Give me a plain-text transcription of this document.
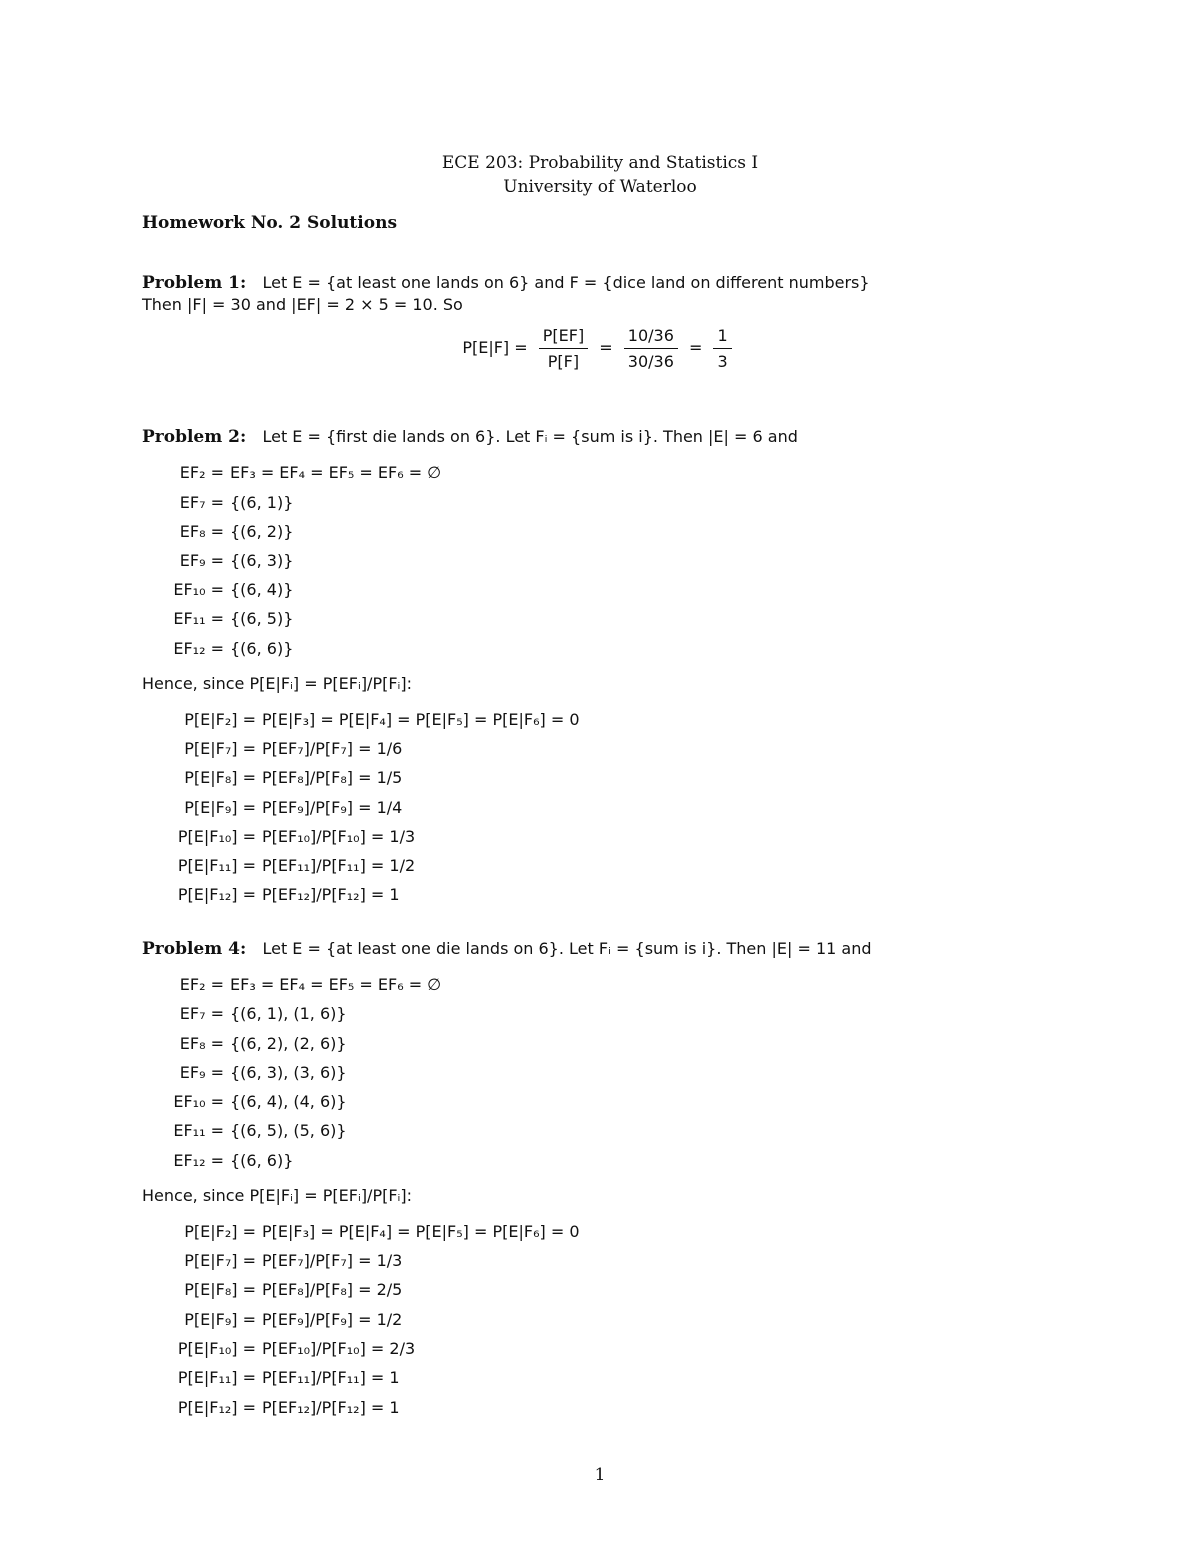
ECE 203: Probability and Statistics I
University of Waterloo
Homework No. 2 Solutions
Problem 1: Let E = {at least one lands on 6} and F = {dice land on different numbers}
Then |F| = 30 and |EF| = 2 × 5 = 10. So
$P[E|F] = \frac{P[EF]}{P[F]} = \frac{10/36}{30/36} = \frac{1}{3}$
Problem 2: Let E = {first die lands on 6}. Let Fᵢ = {sum is i}. Then |E| = 6 and
EF₂ = EF₃ = EF₄ = EF₅ = EF₆ = ∅
EF₇ = {(6, 1)}
EF₈ = {(6, 2)}
EF₉ = {(6, 3)}
EF₁₀ = {(6, 4)}
EF₁₁ = {(6, 5)}
EF₁₂ = {(6, 6)}
Hence, since P[E|Fᵢ] = P[EFᵢ]/P[Fᵢ]:
P[E|F₂] = P[E|F₃] = P[E|F₄] = P[E|F₅] = P[E|F₆] = 0
P[E|F₇] = P[EF₇]/P[F₇] = 1/6
P[E|F₈] = P[EF₈]/P[F₈] = 1/5
P[E|F₉] = P[EF₉]/P[F₉] = 1/4
P[E|F₁₀] = P[EF₁₀]/P[F₁₀] = 1/3
P[E|F₁₁] = P[EF₁₁]/P[F₁₁] = 1/2
P[E|F₁₂] = P[EF₁₂]/P[F₁₂] = 1
Problem 4: Let E = {at least one die lands on 6}. Let Fᵢ = {sum is i}. Then |E| = 11 and
EF₂ = EF₃ = EF₄ = EF₅ = EF₆ = ∅
EF₇ = {(6, 1), (1, 6)}
EF₈ = {(6, 2), (2, 6)}
EF₉ = {(6, 3), (3, 6)}
EF₁₀ = {(6, 4), (4, 6)}
EF₁₁ = {(6, 5), (5, 6)}
EF₁₂ = {(6, 6)}
Hence, since P[E|Fᵢ] = P[EFᵢ]/P[Fᵢ]:
P[E|F₂] = P[E|F₃] = P[E|F₄] = P[E|F₅] = P[E|F₆] = 0
P[E|F₇] = P[EF₇]/P[F₇] = 1/3
P[E|F₈] = P[EF₈]/P[F₈] = 2/5
P[E|F₉] = P[EF₉]/P[F₉] = 1/2
P[E|F₁₀] = P[EF₁₀]/P[F₁₀] = 2/3
P[E|F₁₁] = P[EF₁₁]/P[F₁₁] = 1
P[E|F₁₂] = P[EF₁₂]/P[F₁₂] = 1
1
